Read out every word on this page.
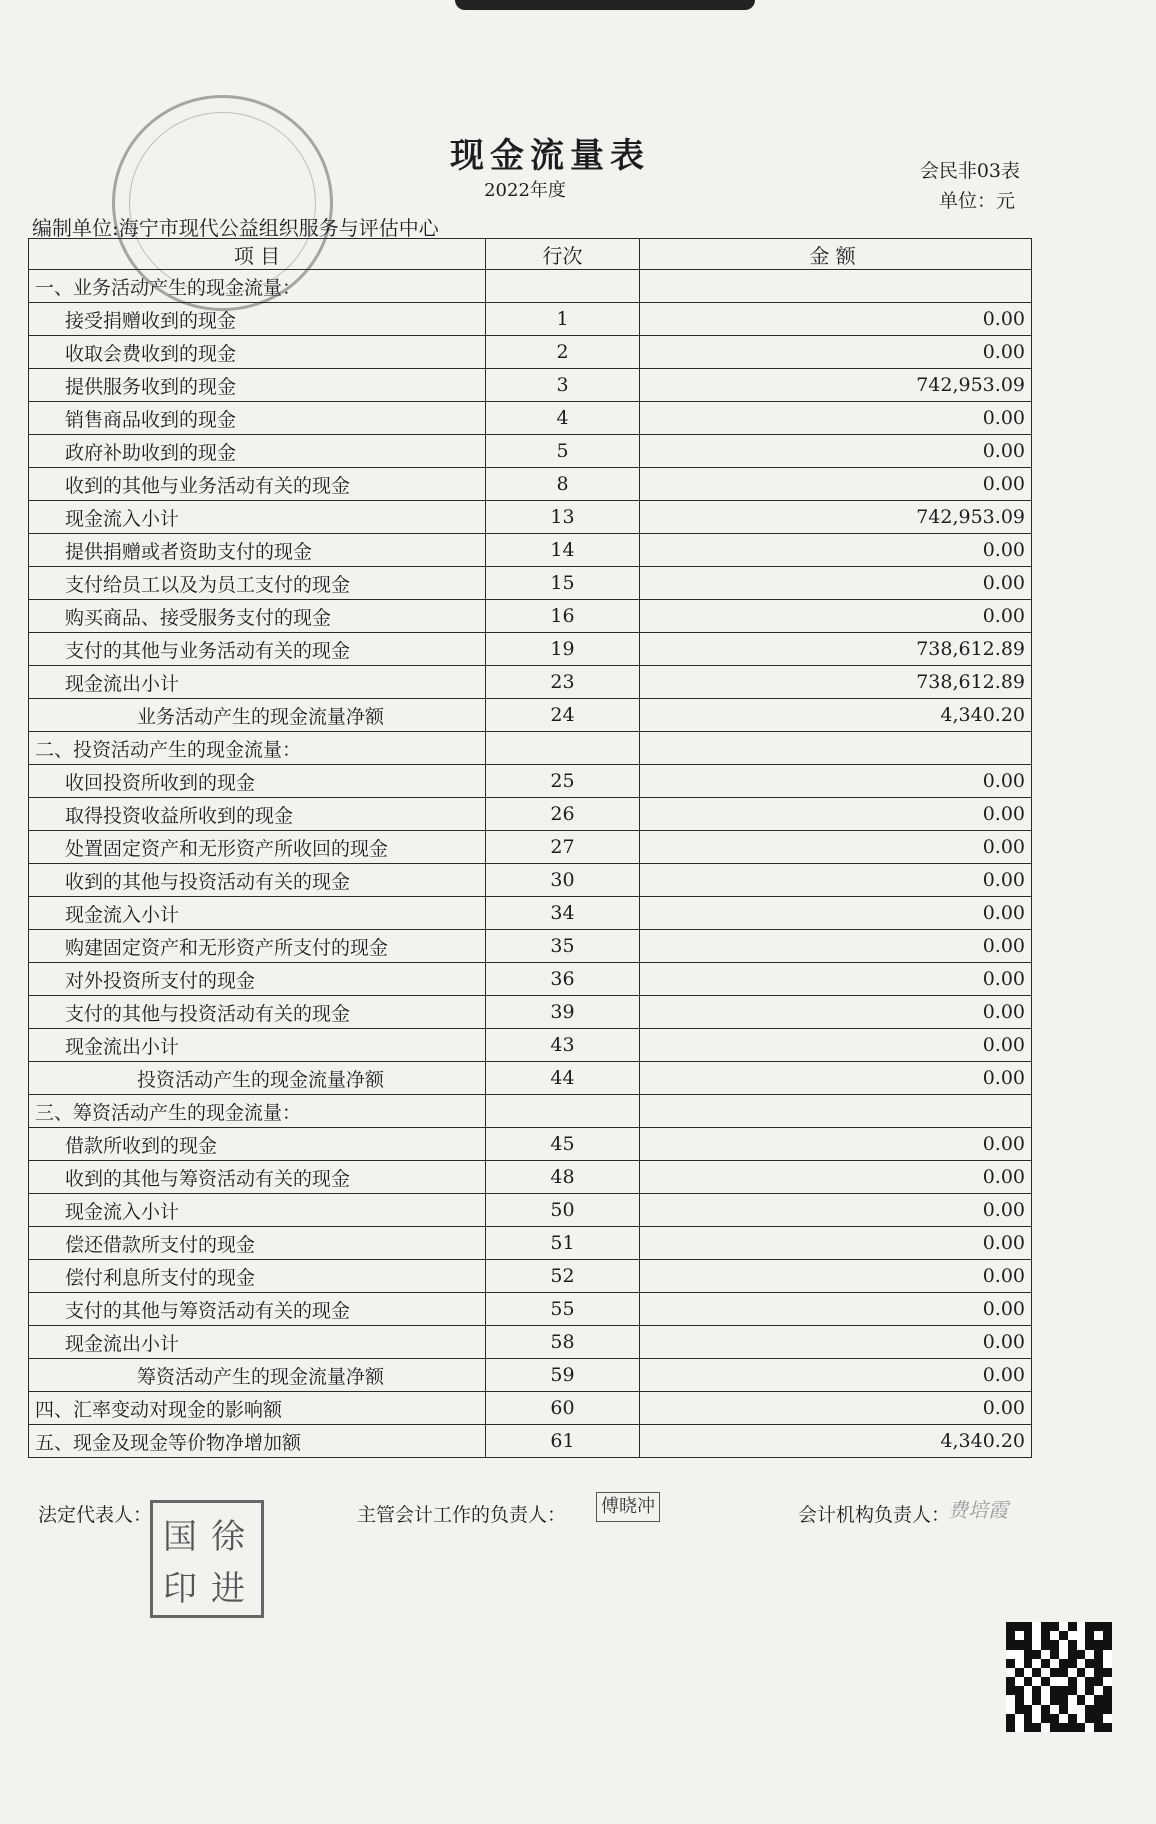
现金流量表
2022年度
会民非03表
单位：元
编制单位:海宁市现代公益组织服务与评估中心
项 目	行次	金 额
一、业务活动产生的现金流量：		
接受捐赠收到的现金	1	0.00
收取会费收到的现金	2	0.00
提供服务收到的现金	3	742,953.09
销售商品收到的现金	4	0.00
政府补助收到的现金	5	0.00
收到的其他与业务活动有关的现金	8	0.00
现金流入小计	13	742,953.09
提供捐赠或者资助支付的现金	14	0.00
支付给员工以及为员工支付的现金	15	0.00
购买商品、接受服务支付的现金	16	0.00
支付的其他与业务活动有关的现金	19	738,612.89
现金流出小计	23	738,612.89
业务活动产生的现金流量净额	24	4,340.20
二、投资活动产生的现金流量：		
收回投资所收到的现金	25	0.00
取得投资收益所收到的现金	26	0.00
处置固定资产和无形资产所收回的现金	27	0.00
收到的其他与投资活动有关的现金	30	0.00
现金流入小计	34	0.00
购建固定资产和无形资产所支付的现金	35	0.00
对外投资所支付的现金	36	0.00
支付的其他与投资活动有关的现金	39	0.00
现金流出小计	43	0.00
投资活动产生的现金流量净额	44	0.00
三、筹资活动产生的现金流量：		
借款所收到的现金	45	0.00
收到的其他与筹资活动有关的现金	48	0.00
现金流入小计	50	0.00
偿还借款所支付的现金	51	0.00
偿付利息所支付的现金	52	0.00
支付的其他与筹资活动有关的现金	55	0.00
现金流出小计	58	0.00
筹资活动产生的现金流量净额	59	0.00
四、汇率变动对现金的影响额	60	0.00
五、现金及现金等价物净增加额	61	4,340.20
法定代表人：	主管会计工作的负责人： 傅晓冲	会计机构负责人：
费培霞
国 徐
印 进
